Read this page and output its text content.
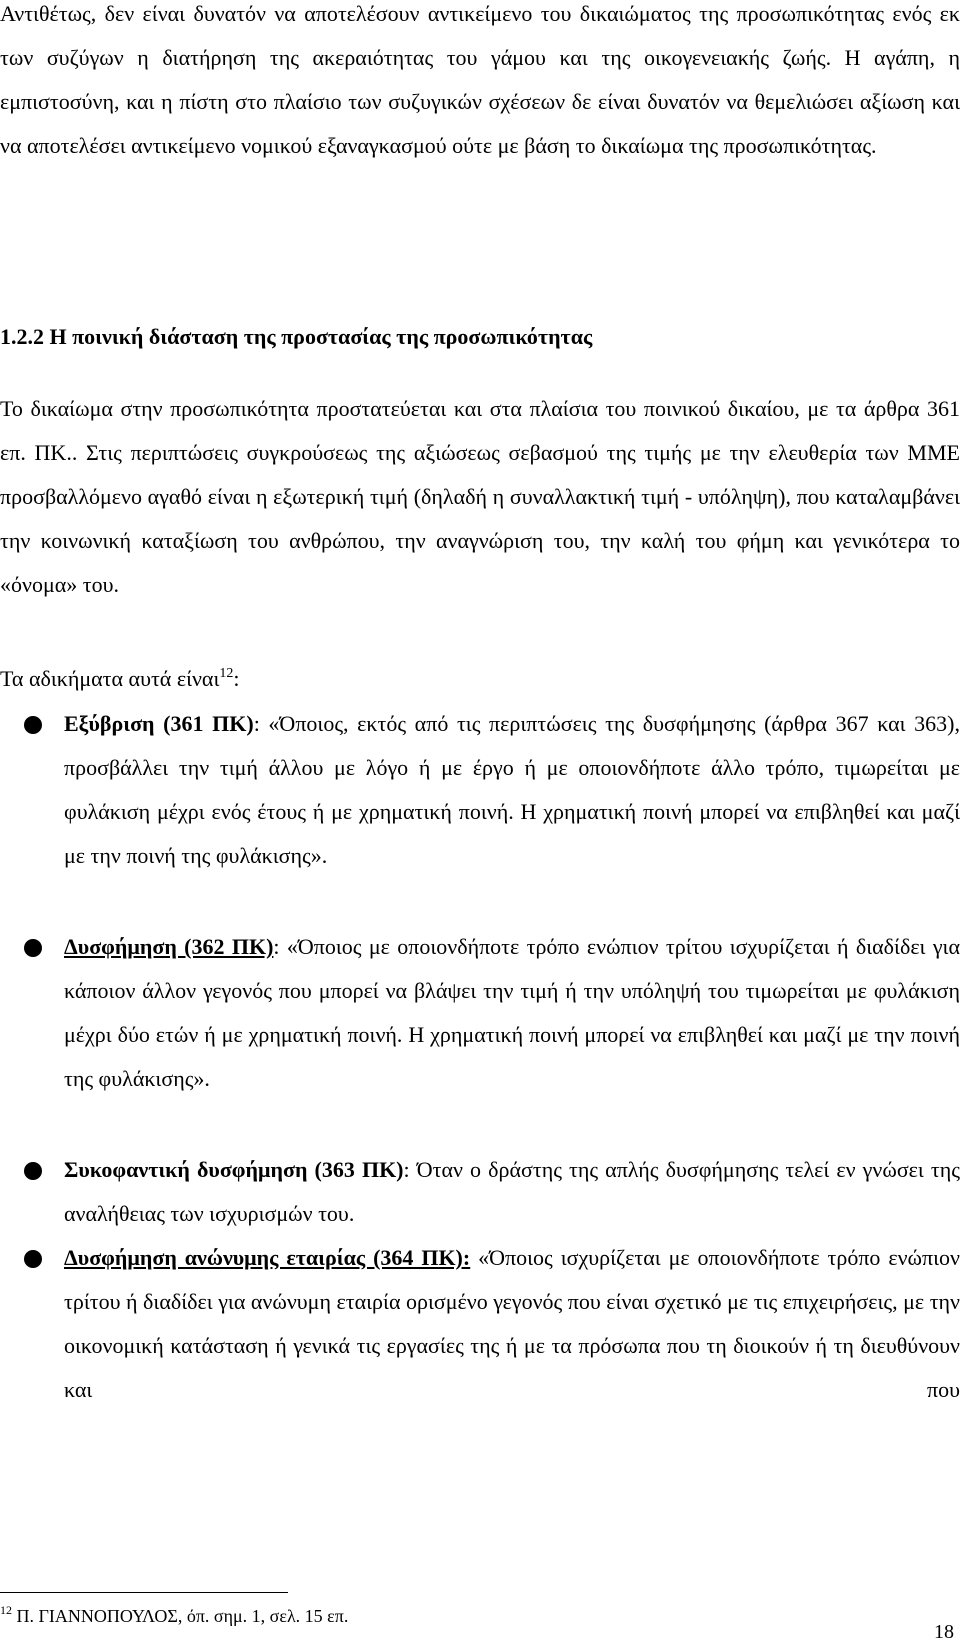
Αντιθέτως, δεν είναι δυνατόν να αποτελέσουν αντικείμενο του δικαιώματος της προσωπικότητας ενός εκ των συζύγων η διατήρηση της ακεραιότητας του γάμου και της οικογενειακής ζωής. Η αγάπη, η εμπιστοσύνη, και η πίστη στο πλαίσιο των συζυγικών σχέσεων δε είναι δυνατόν να θεμελιώσει αξίωση και να αποτελέσει αντικείμενο νομικού εξαναγκασμού ούτε με βάση το δικαίωμα της προσωπικότητας.

1.2.2 Η ποινική διάσταση της προστασίας της προσωπικότητας

Το δικαίωμα στην προσωπικότητα προστατεύεται και στα πλαίσια του ποινικού δικαίου, με τα άρθρα 361 επ. ΠΚ.. Στις περιπτώσεις συγκρούσεως της αξιώσεως σεβασμού της τιμής με την ελευθερία των ΜΜΕ προσβαλλόμενο αγαθό είναι η εξωτερική τιμή (δηλαδή η συναλλακτική τιμή - υπόληψη), που καταλαμβάνει την κοινωνική καταξίωση του ανθρώπου, την αναγνώριση του, την καλή του φήμη και γενικότερα το «όνομα» του.

Τα αδικήματα αυτά είναι$^{12}$:

Εξύβριση (361 ΠΚ): «Όποιος, εκτός από τις περιπτώσεις της δυσφήμησης (άρθρα 367 και 363), προσβάλλει την τιμή άλλου με λόγο ή με έργο ή με οποιονδήποτε άλλο τρόπο, τιμωρείται με φυλάκιση μέχρι ενός έτους ή με χρηματική ποινή. Η χρηματική ποινή μπορεί να επιβληθεί και μαζί με την ποινή της φυλάκισης».

Δυσφήμηση (362 ΠΚ): «Όποιος με οποιονδήποτε τρόπο ενώπιον τρίτου ισχυρίζεται ή διαδίδει για κάποιον άλλον γεγονός που μπορεί να βλάψει την τιμή ή την υπόληψή του τιμωρείται με φυλάκιση μέχρι δύο ετών ή με χρηματική ποινή. Η χρηματική ποινή μπορεί να επιβληθεί και μαζί με την ποινή της φυλάκισης».

Συκοφαντική δυσφήμηση (363 ΠΚ): Όταν ο δράστης της απλής δυσφήμησης τελεί εν γνώσει της αναλήθειας των ισχυρισμών του.

Δυσφήμηση ανώνυμης εταιρίας (364 ΠΚ): «Όποιος ισχυρίζεται με οποιονδήποτε τρόπο ενώπιον τρίτου ή διαδίδει για ανώνυμη εταιρία ορισμένο γεγονός που είναι σχετικό με τις επιχειρήσεις, με την οικονομική κατάσταση ή γενικά τις εργασίες της ή με τα πρόσωπα που τη διοικούν ή τη διευθύνουν και που

$^{12}$ Π. ΓΙΑΝΝΟΠΟΥΛΟΣ, όπ. σημ. 1, σελ. 15 επ.

18
